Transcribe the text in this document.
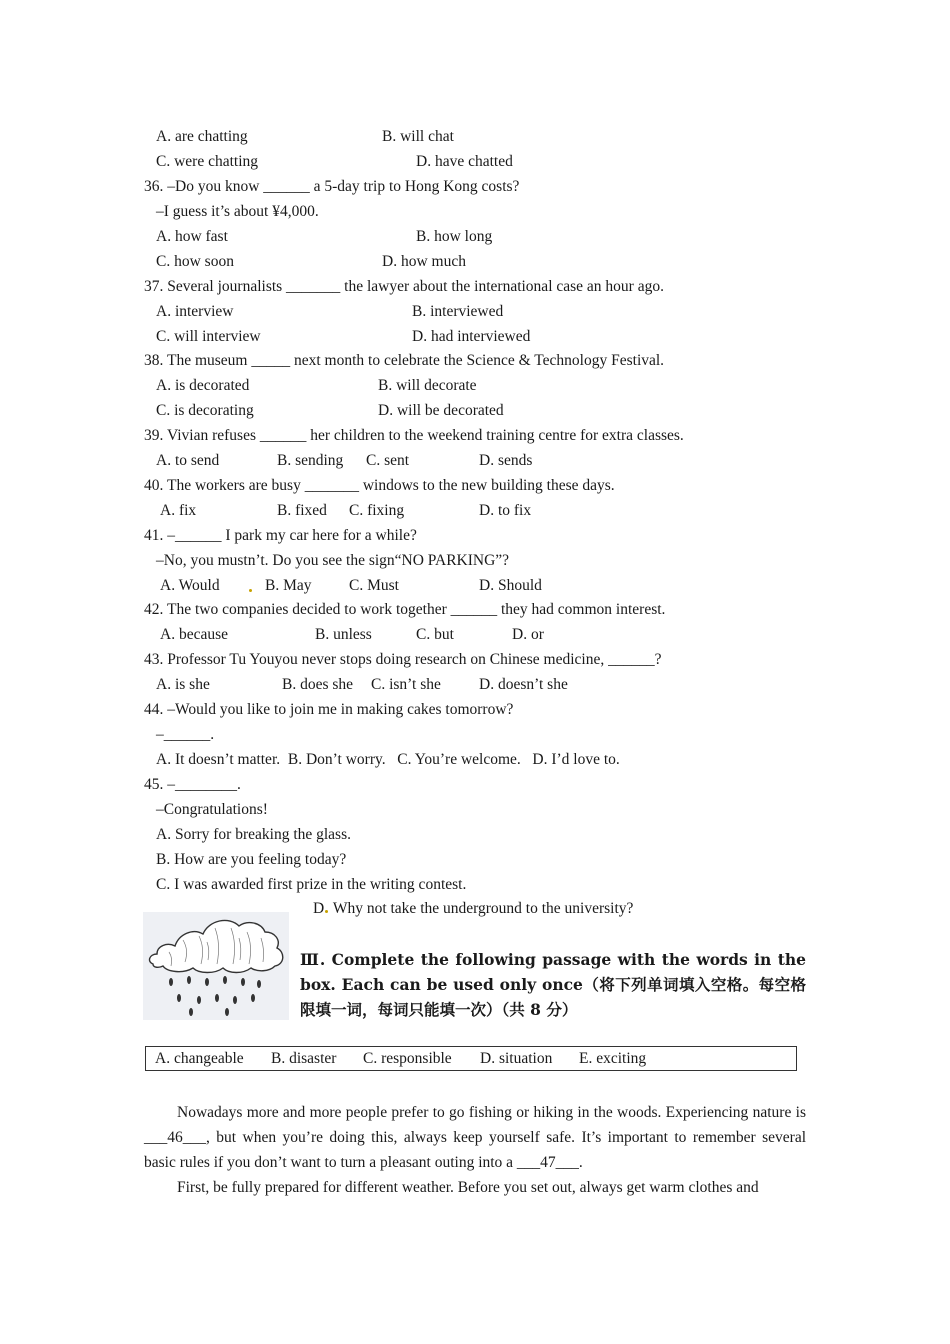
A. are chatting	B. will chat
C. were chatting	D. have chatted
36. –Do you know ______ a 5-day trip to Hong Kong costs?
–I guess it’s about ¥4,000.
A. how fast	B. how long
C. how soon	D. how much
37. Several journalists _______ the lawyer about the international case an hour ago.
A. interview	B. interviewed
C. will interview	D. had interviewed
38. The museum _____ next month to celebrate the Science & Technology Festival.
A. is decorated	B. will decorate
C. is decorating	D. will be decorated
39. Vivian refuses ______ her children to the weekend training centre for extra classes.
A. to send	B. sending C. sent	D. sends
40. The workers are busy _______ windows to the new building these days.
A. fix	B. fixed C. fixing	D. to fix
41. –______ I park my car here for a while?
–No, you mustn’t. Do you see the sign“NO PARKING”?
A. Would	B. May C. Must	D. Should
42. The two companies decided to work together ______ they had common interest.
A. because	B. unless	C. but	D. or
43. Professor Tu Youyou never stops doing research on Chinese medicine, ______?
A. is she	B. does she C. isn’t she D. doesn’t she
44. –Would you like to join me in making cakes tomorrow?
–______.
A. It doesn’t matter.  B. Don’t worry.   C. You’re welcome.   D. I’d love to.
45. –________.
–Congratulations!
A. Sorry for breaking the glass.
B. How are you feeling today?
C. I was awarded first prize in the writing contest.
D Why not take the underground to the university?
Ⅲ. Complete the following passage with the words in the box. Each can be used only once（将下列单词填入空格。每空格限填一词，每词只能填一次）（共 8 分）
A. changeable B. disaster C. responsible D. situation E. exciting
Nowadays more and more people prefer to go fishing or hiking in the woods. Experiencing nature is ___46___, but when you’re doing this, always keep yourself safe. It’s important to remember several basic rules if you don’t want to turn a pleasant outing into a ___47___.
First, be fully prepared for different weather. Before you set out, always get warm clothes and
